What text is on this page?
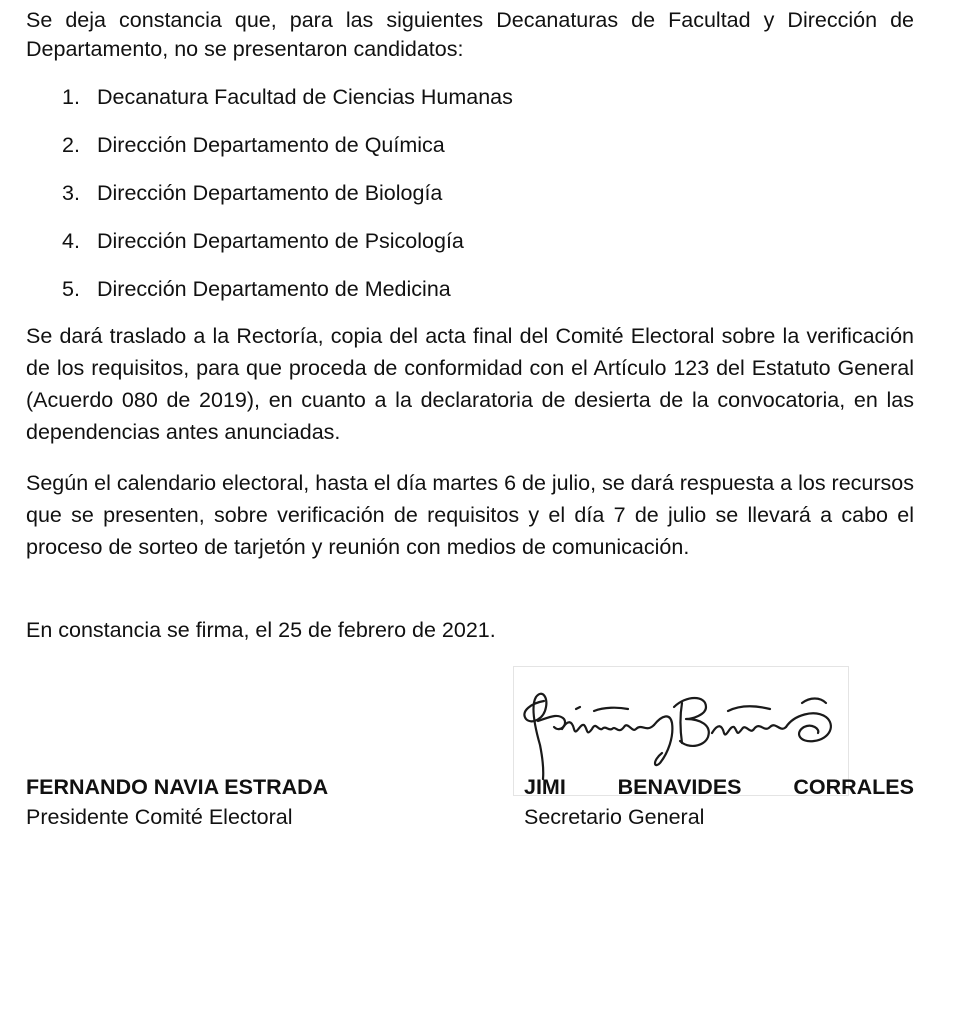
Se deja constancia que, para las siguientes Decanaturas de Facultad y Dirección de Departamento, no se presentaron candidatos:

1. Decanatura Facultad de Ciencias Humanas
2. Dirección Departamento de Química
3. Dirección Departamento de Biología
4. Dirección Departamento de Psicología
5. Dirección Departamento de Medicina

Se dará traslado a la Rectoría, copia del acta final del Comité Electoral sobre la verificación de los requisitos, para que proceda de conformidad con el Artículo 123 del Estatuto General (Acuerdo 080 de 2019), en cuanto a la declaratoria de desierta de la convocatoria, en las dependencias antes anunciadas.

Según el calendario electoral, hasta el día martes 6 de julio, se dará respuesta a los recursos que se presenten, sobre verificación de requisitos y el día 7 de julio se llevará a cabo el proceso de sorteo de tarjetón y reunión con medios de comunicación.

En constancia se firma, el 25 de febrero de 2021.

FERNANDO NAVIA ESTRADA
Presidente Comité Electoral
JIMI BENAVIDES CORRALES
Secretario General
